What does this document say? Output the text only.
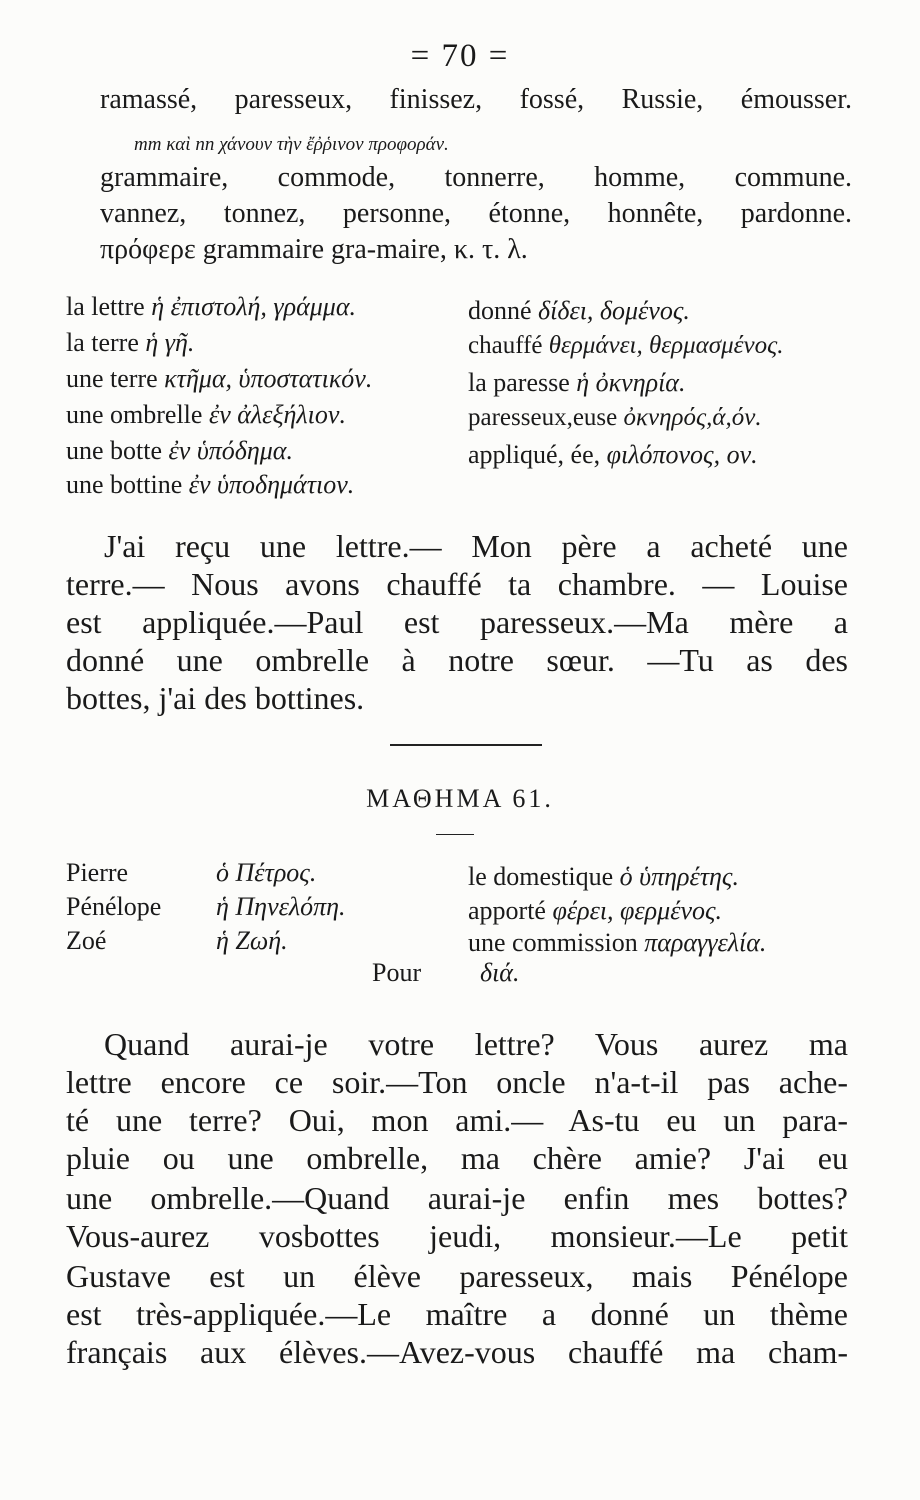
= 70 =
ramassé, paresseux, finissez, fossé, Russie, émousser.
mm καὶ nn χάνουν τὴν ἔῤῥινον προφοράν.
grammaire, commode, tonnerre, homme, commune.
vannez, tonnez, personne, étonne, honnête, pardonne.
πρόφερε grammaire gra-maire, κ. τ. λ.
la lettre ἡ ἐπιστολή, γράμμα.
la terre ἡ γῆ.
une terre κτῆμα, ὑποστατικόν.
une ombrelle ἐν ἀλεξήλιον.
une botte ἐν ὑπόδημα.
une bottine ἐν ὑποδημάτιον.
donné δίδει, δομένος.
chauffé θερμάνει, θερμασμένος.
la paresse ἡ ὀκνηρία.
paresseux,euse ὀκνηρός,ά,όν.
appliqué, ée, φιλόπονος, ον.
J'ai reçu une lettre.— Mon père a acheté une
terre.— Nous avons chauffé ta chambre. — Louise
est appliquée.—Paul est paresseux.—Ma mère a
donné une ombrelle à notre sœur. —Tu as des
bottes, j'ai des bottines.
ΜΑΘΗΜΑ 61.
Pierre	ὁ Πέτρος.
Pénélope ἡ Πηνελόπη.
Zoé	ἡ Ζωή.
le domestique ὁ ὑπηρέτης.
apporté φέρει, φερμένος.
une commission παραγγελία.
Pour διά.
Quand aurai-je votre lettre? Vous aurez ma
lettre encore ce soir.—Ton oncle n'a-t-il pas ache-
té une terre? Oui, mon ami.— As-tu eu un para-
pluie ou une ombrelle, ma chère amie? J'ai eu
une ombrelle.—Quand aurai-je enfin mes bottes?
Vous-aurez vosbottes jeudi, monsieur.—Le petit
Gustave est un élève paresseux, mais Pénélope
est très-appliquée.—Le maître a donné un thème
français aux élèves.—Avez-vous chauffé ma cham-
